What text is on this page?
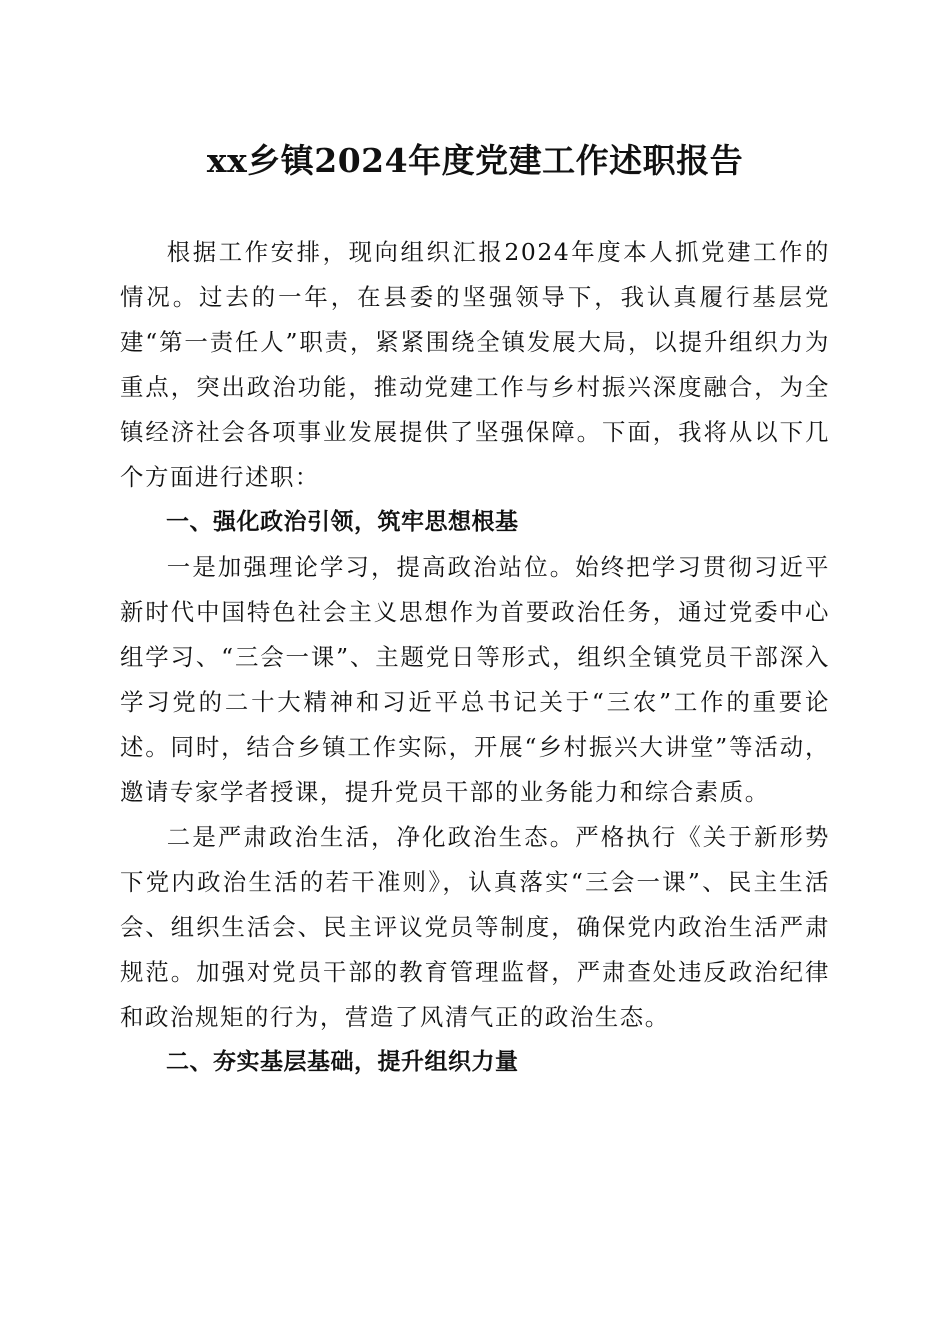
xx乡镇2024年度党建工作述职报告

根据工作安排，现向组织汇报2024年度本人抓党建工作的情况。过去的一年，在县委的坚强领导下，我认真履行基层党建“第一责任人”职责，紧紧围绕全镇发展大局，以提升组织力为重点，突出政治功能，推动党建工作与乡村振兴深度融合，为全镇经济社会各项事业发展提供了坚强保障。下面，我将从以下几个方面进行述职：

一、强化政治引领，筑牢思想根基

一是加强理论学习，提高政治站位。始终把学习贯彻习近平新时代中国特色社会主义思想作为首要政治任务，通过党委中心组学习、“三会一课”、主题党日等形式，组织全镇党员干部深入学习党的二十大精神和习近平总书记关于“三农”工作的重要论述。同时，结合乡镇工作实际，开展“乡村振兴大讲堂”等活动，邀请专家学者授课，提升党员干部的业务能力和综合素质。

二是严肃政治生活，净化政治生态。严格执行《关于新形势下党内政治生活的若干准则》，认真落实“三会一课”、民主生活会、组织生活会、民主评议党员等制度，确保党内政治生活严肃规范。加强对党员干部的教育管理监督，严肃查处违反政治纪律和政治规矩的行为，营造了风清气正的政治生态。

二、夯实基层基础，提升组织力量
